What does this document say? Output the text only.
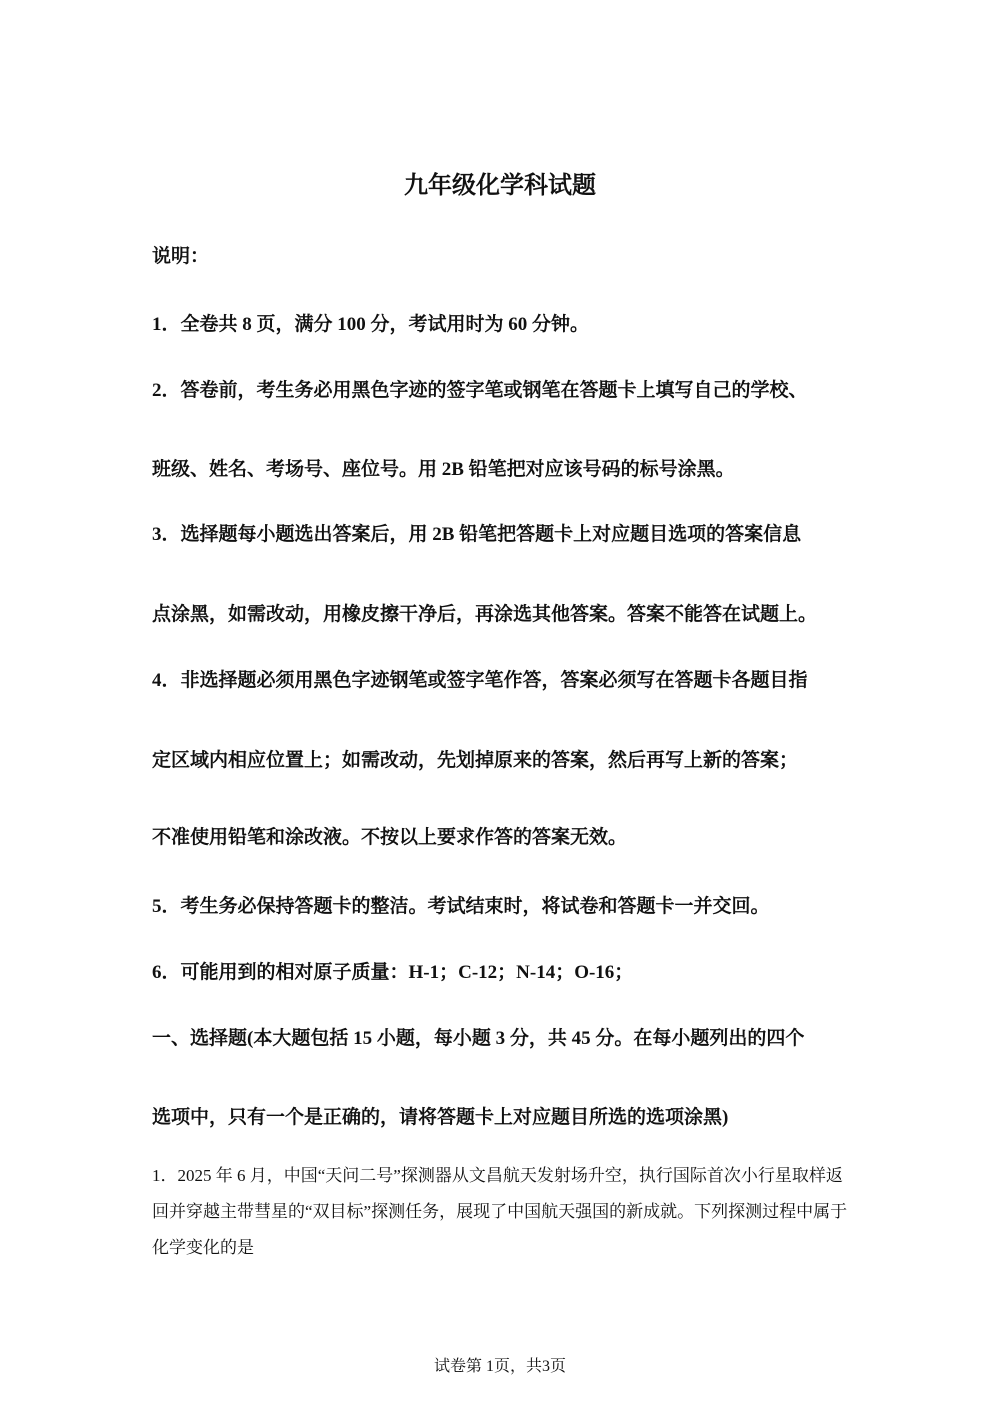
九年级化学科试题
说明：
1．全卷共 8 页，满分 100 分，考试用时为 60 分钟。
2．答卷前，考生务必用黑色字迹的签字笔或钢笔在答题卡上填写自己的学校、
班级、姓名、考场号、座位号。用 2B 铅笔把对应该号码的标号涂黑。
3．选择题每小题选出答案后，用 2B 铅笔把答题卡上对应题目选项的答案信息
点涂黑，如需改动，用橡皮擦干净后，再涂选其他答案。答案不能答在试题上。
4．非选择题必须用黑色字迹钢笔或签字笔作答，答案必须写在答题卡各题目指
定区域内相应位置上；如需改动，先划掉原来的答案，然后再写上新的答案；
不准使用铅笔和涂改液。不按以上要求作答的答案无效。
5．考生务必保持答题卡的整洁。考试结束时，将试卷和答题卡一并交回。
6．可能用到的相对原子质量：H-1；C-12；N-14；O-16；
一、选择题(本大题包括 15 小题，每小题 3 分，共 45 分。在每小题列出的四个
选项中，只有一个是正确的，请将答题卡上对应题目所选的选项涂黑)
1．2025 年 6 月，中国“天问二号”探测器从文昌航天发射场升空，执行国际首次小行星取样返回并穿越主带彗星的“双目标”探测任务，展现了中国航天强国的新成就。下列探测过程中属于化学变化的是
试卷第 1页，共3页
